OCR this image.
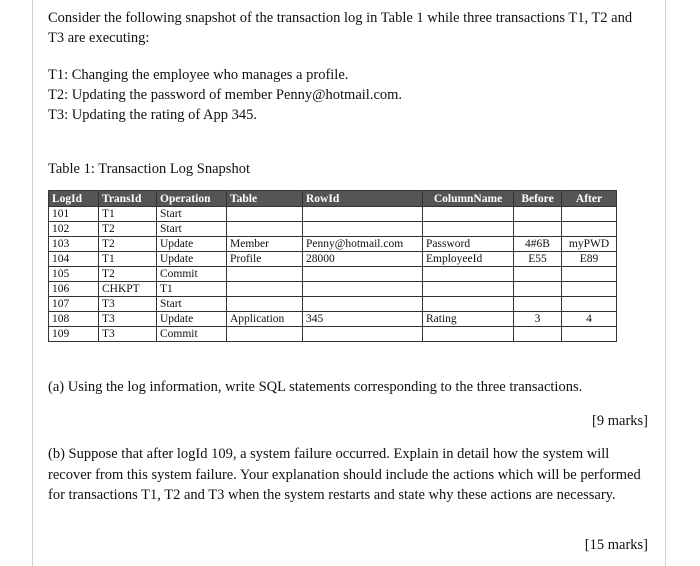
Consider the following snapshot of the transaction log in Table 1 while three transactions T1, T2 and T3 are executing:
T1: Changing the employee who manages a profile.
T2: Updating the password of member Penny@hotmail.com.
T3: Updating the rating of App 345.
Table 1: Transaction Log Snapshot
LogId	TransId	Operation	Table	RowId	ColumnName	Before	After
101	T1	Start					
102	T2	Start					
103	T2	Update	Member	Penny@hotmail.com	Password	4#6B	myPWD
104	T1	Update	Profile	28000	EmployeeId	E55	E89
105	T2	Commit					
106	CHKPT	T1					
107	T3	Start					
108	T3	Update	Application	345	Rating	3	4
109	T3	Commit					
(a) Using the log information, write SQL statements corresponding to the three transactions.
[9 marks]
(b) Suppose that after logId 109, a system failure occurred. Explain in detail how the system will recover from this system failure. Your explanation should include the actions which will be performed for transactions T1, T2 and T3 when the system restarts and state why these actions are necessary.
[15 marks]
